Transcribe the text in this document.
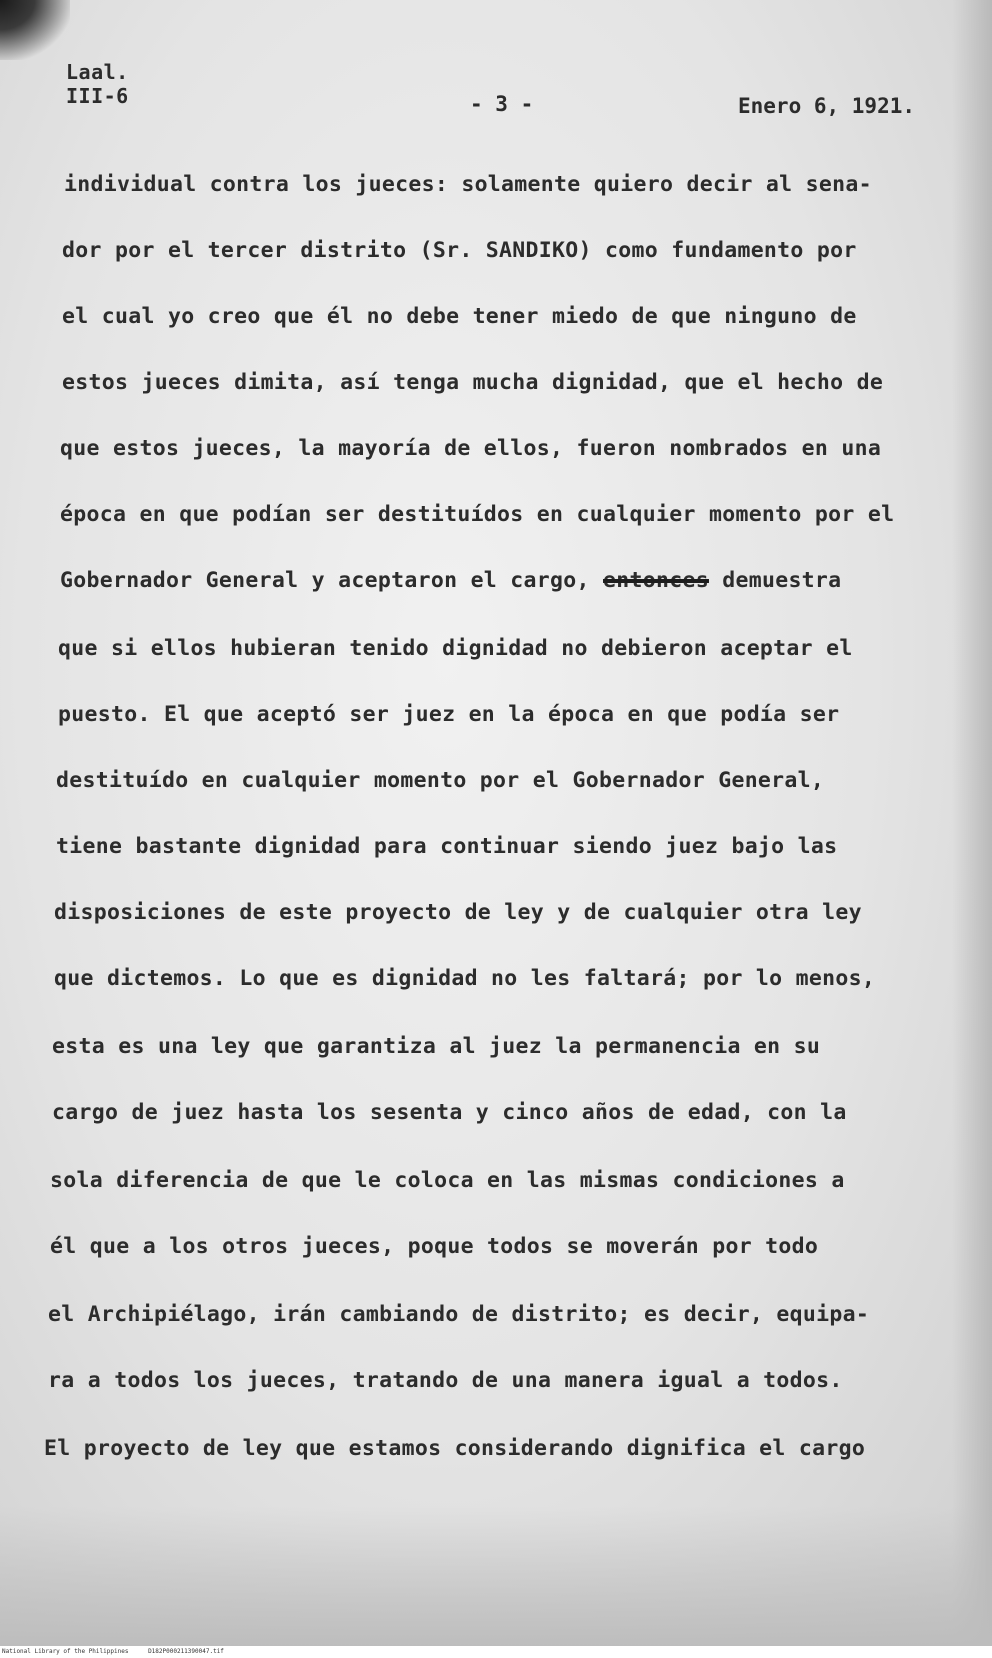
Laal.
III-6	- 3 -	Enero 6, 1921.
individual contra los jueces: solamente quiero decir al sena-
dor por el tercer distrito (Sr. SANDIKO) como fundamento por
el cual yo creo que él no debe tener miedo de que ninguno de
estos jueces dimita, así tenga mucha dignidad, que el hecho de
que estos jueces, la mayoría de ellos, fueron nombrados en una
época en que podían ser destituídos en cualquier momento por el
Gobernador General y aceptaron el cargo, entonces demuestra
que si ellos hubieran tenido dignidad no debieron aceptar el
puesto. El que aceptó ser juez en la época en que podía ser
destituído en cualquier momento por el Gobernador General,
tiene bastante dignidad para continuar siendo juez bajo las
disposiciones de este proyecto de ley y de cualquier otra ley
que dictemos. Lo que es dignidad no les faltará; por lo menos,
esta es una ley que garantiza al juez la permanencia en su
cargo de juez hasta los sesenta y cinco años de edad, con la
sola diferencia de que le coloca en las mismas condiciones a
él que a los otros jueces, poque todos se moverán por todo
el Archipiélago, irán cambiando de distrito; es decir, equipa-
ra a todos los jueces, tratando de una manera igual a todos.
El proyecto de ley que estamos considerando dignifica el cargo
National Library of the Philippines	D182P000211390047.tif
